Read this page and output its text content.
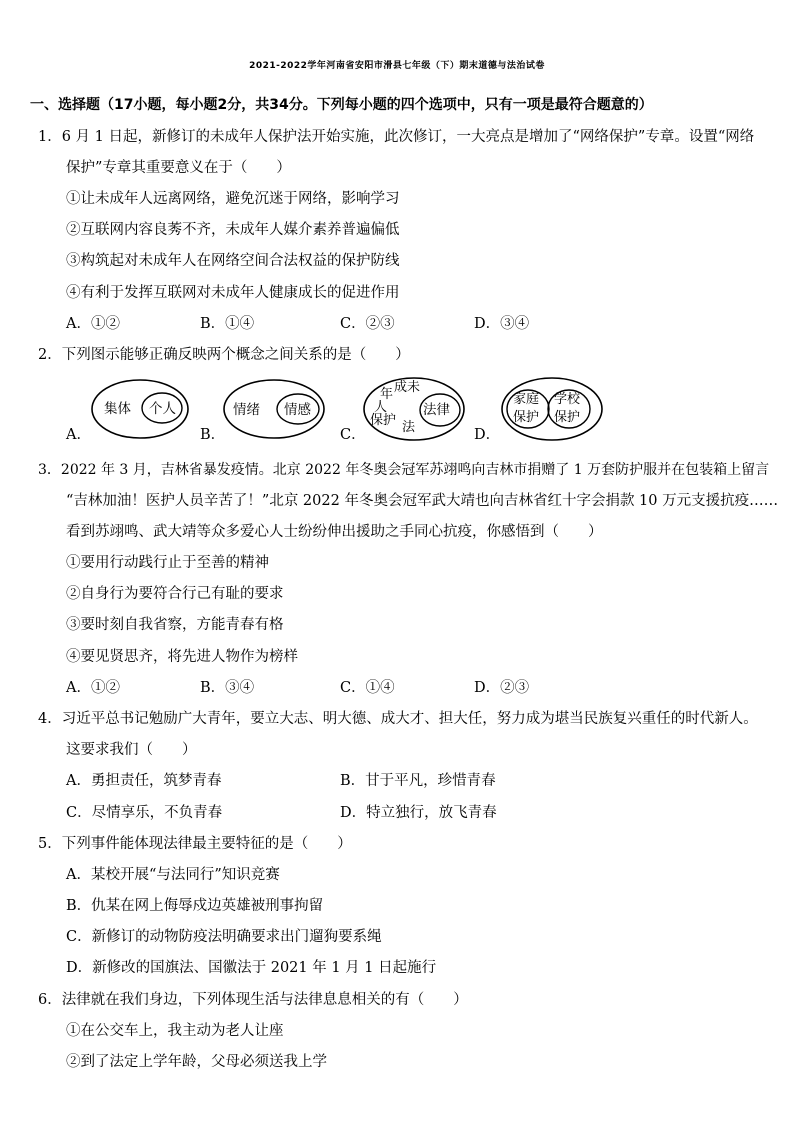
2021-2022学年河南省安阳市滑县七年级（下）期末道德与法治试卷
一、选择题（17小题，每小题2分，共34分。下列每小题的四个选项中，只有一项是最符合题意的）
1．6 月 1 日起，新修订的未成年人保护法开始实施，此次修订，一大亮点是增加了“网络保护”专章。设置“网络
保护”专章其重要意义在于（　　）
①让未成年人远离网络，避免沉迷于网络，影响学习
②互联网内容良莠不齐，未成年人媒介素养普遍偏低
③构筑起对未成年人在网络空间合法权益的保护防线
④有利于发挥互联网对未成年人健康成长的促进作用
A．①②	B．①④	C．②③	D．③④
2．下列图示能够正确反映两个概念之间关系的是（　　）
A．	B．	C．	D．
集体 个人	情绪 情感
成未
年
人
保护 法
法律
家庭
保护
学校
保护
3．2022 年 3 月，吉林省暴发疫情。北京 2022 年冬奥会冠军苏翊鸣向吉林市捐赠了 1 万套防护服并在包装箱上留言
“吉林加油！医护人员辛苦了！”北京 2022 年冬奥会冠军武大靖也向吉林省红十字会捐款 10 万元支援抗疫……
看到苏翊鸣、武大靖等众多爱心人士纷纷伸出援助之手同心抗疫，你感悟到（　　）
①要用行动践行止于至善的精神
②自身行为要符合行己有耻的要求
③要时刻自我省察，方能青春有格
④要见贤思齐，将先进人物作为榜样
A．①②	B．③④	C．①④	D．②③
4．习近平总书记勉励广大青年，要立大志、明大德、成大才、担大任，努力成为堪当民族复兴重任的时代新人。
这要求我们（　　）
A．勇担责任，筑梦青春	B．甘于平凡，珍惜青春
C．尽情享乐，不负青春	D．特立独行，放飞青春
5．下列事件能体现法律最主要特征的是（　　）
A．某校开展“与法同行”知识竞赛
B．仇某在网上侮辱戍边英雄被刑事拘留
C．新修订的动物防疫法明确要求出门遛狗要系绳
D．新修改的国旗法、国徽法于 2021 年 1 月 1 日起施行
6．法律就在我们身边，下列体现生活与法律息息相关的有（　　）
①在公交车上，我主动为老人让座
②到了法定上学年龄，父母必须送我上学
